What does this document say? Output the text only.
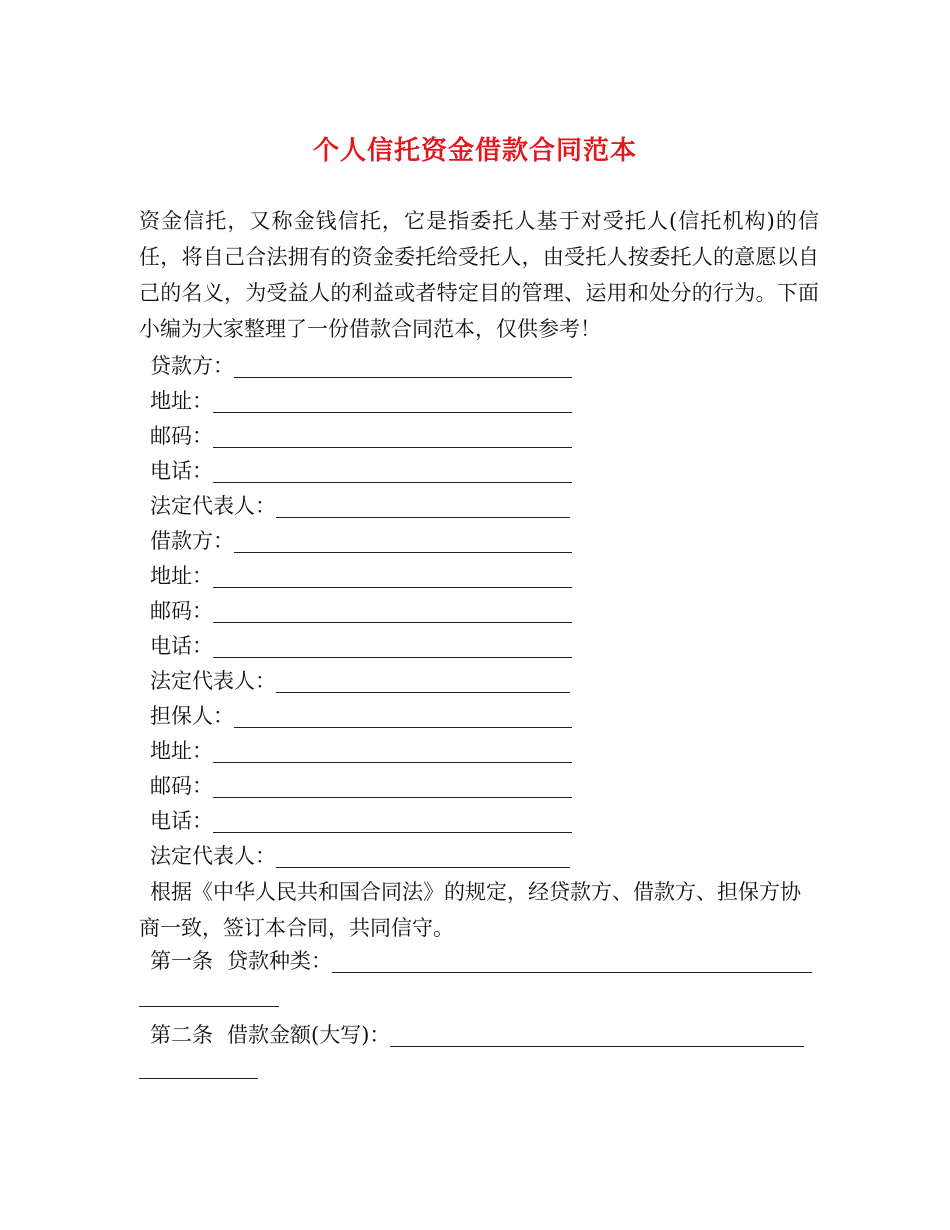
个人信托资金借款合同范本
资金信托，又称金钱信托，它是指委托人基于对受托人(信托机构)的信任，将自己合法拥有的资金委托给受托人，由受托人按委托人的意愿以自己的名义，为受益人的利益或者特定目的管理、运用和处分的行为。下面小编为大家整理了一份借款合同范本，仅供参考！
贷款方：
地址：
邮码：
电话：
法定代表人：
借款方：
地址：
邮码：
电话：
法定代表人：
担保人：
地址：
邮码：
电话：
法定代表人：
根据《中华人民共和国合同法》的规定，经贷款方、借款方、担保方协商一致，签订本合同，共同信守。
第一条 贷款种类：
第二条 借款金额(大写)：
